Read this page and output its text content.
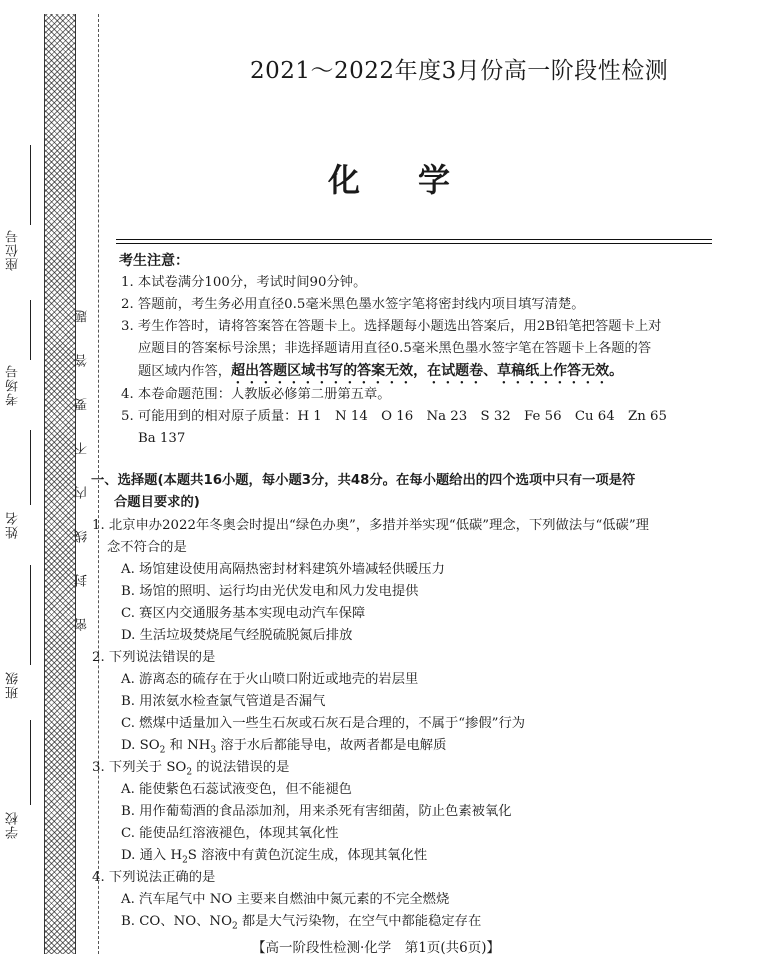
座位号
考场号
姓名
班级
学校
题
答
要
不
内
线
封
密
2021～2022年度3月份高一阶段性检测
化学
考生注意：
1. 本试卷满分100分，考试时间90分钟。
2. 答题前，考生务必用直径0.5毫米黑色墨水签字笔将密封线内项目填写清楚。
3. 考生作答时，请将答案答在答题卡上。选择题每小题选出答案后，用2B铅笔把答题卡上对
应题目的答案标号涂黑；非选择题请用直径0.5毫米黑色墨水签字笔在答题卡上各题的答
题区域内作答，超出答题区域书写的答案无效，在试题卷、草稿纸上作答无效。
4. 本卷命题范围：人教版必修第二册第五章。
5. 可能用到的相对原子质量：H 1　N 14　O 16　Na 23　S 32　Fe 56　Cu 64　Zn 65
Ba 137
一、选择题(本题共16小题，每小题3分，共48分。在每小题给出的四个选项中只有一项是符
合题目要求的)
1. 北京申办2022年冬奥会时提出“绿色办奥”，多措并举实现“低碳”理念，下列做法与“低碳”理
念不符合的是
A. 场馆建设使用高隔热密封材料建筑外墙减轻供暖压力
B. 场馆的照明、运行均由光伏发电和风力发电提供
C. 赛区内交通服务基本实现电动汽车保障
D. 生活垃圾焚烧尾气经脱硫脱氮后排放
2. 下列说法错误的是
A. 游离态的硫存在于火山喷口附近或地壳的岩层里
B. 用浓氨水检查氯气管道是否漏气
C. 燃煤中适量加入一些生石灰或石灰石是合理的，不属于“掺假”行为
D. $SO_2$ 和 $NH_3$ 溶于水后都能导电，故两者都是电解质
3. 下列关于 $SO_2$ 的说法错误的是
A. 能使紫色石蕊试液变色，但不能褪色
B. 用作葡萄酒的食品添加剂，用来杀死有害细菌，防止色素被氧化
C. 能使品红溶液褪色，体现其氧化性
D. 通入 $H_2S$ 溶液中有黄色沉淀生成，体现其氧化性
4. 下列说法正确的是
A. 汽车尾气中 NO 主要来自燃油中氮元素的不完全燃烧
B. CO、NO、$NO_2$ 都是大气污染物，在空气中都能稳定存在
【高一阶段性检测·化学　第1页(共6页)】
